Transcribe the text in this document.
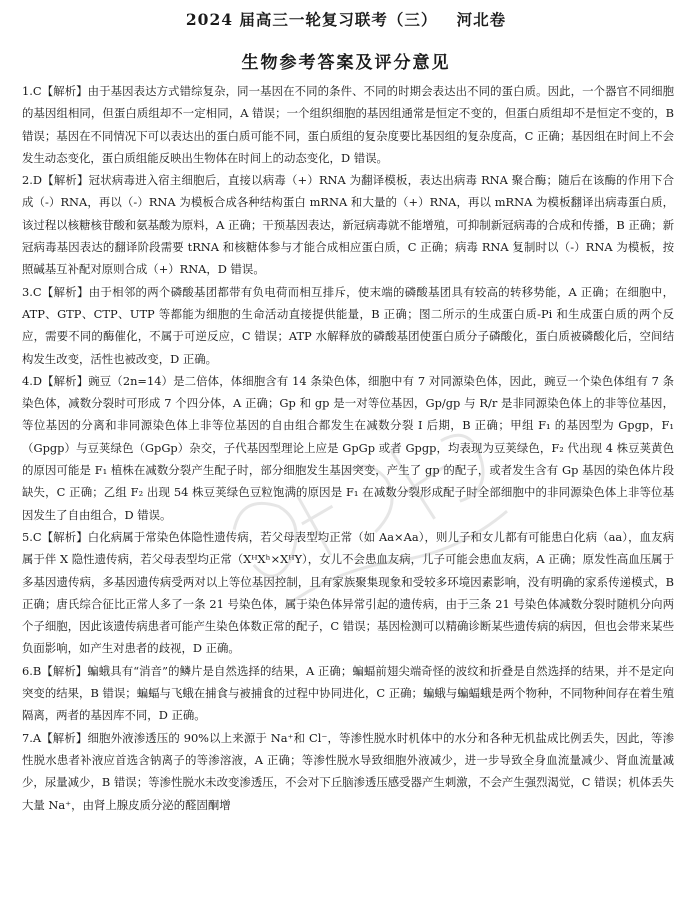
2024 届高三一轮复习联考（三）   河北卷
生物参考答案及评分意见

1.C【解析】由于基因表达方式错综复杂，同一基因在不同的条件、不同的时期会表达出不同的蛋白质。因此，一个器官不同细胞的基因组相同，但蛋白质组却不一定相同，A 错误；一个组织细胞的基因组通常是恒定不变的，但蛋白质组却不是恒定不变的，B 错误；基因在不同情况下可以表达出的蛋白质可能不同，蛋白质组的复杂度要比基因组的复杂度高，C 正确；基因组在时间上不会发生动态变化，蛋白质组能反映出生物体在时间上的动态变化，D 错误。

2.D【解析】冠状病毒进入宿主细胞后，直接以病毒（+）RNA 为翻译模板，表达出病毒 RNA 聚合酶；随后在该酶的作用下合成（-）RNA，再以（-）RNA 为模板合成各种结构蛋白 mRNA 和大量的（+）RNA，再以 mRNA 为模板翻译出病毒蛋白质，该过程以核糖核苷酸和氨基酸为原料，A 正确；干预基因表达，新冠病毒就不能增殖，可抑制新冠病毒的合成和传播，B 正确；新冠病毒基因表达的翻译阶段需要 tRNA 和核糖体参与才能合成相应蛋白质，C 正确；病毒 RNA 复制时以（-）RNA 为模板，按照碱基互补配对原则合成（+）RNA，D 错误。

3.C【解析】由于相邻的两个磷酸基团都带有负电荷而相互排斥，使末端的磷酸基团具有较高的转移势能，A 正确；在细胞中，ATP、GTP、CTP、UTP 等都能为细胞的生命活动直接提供能量，B 正确；图二所示的生成蛋白质-Pi 和生成蛋白质的两个反应，需要不同的酶催化，不属于可逆反应，C 错误；ATP 水解释放的磷酸基团使蛋白质分子磷酸化，蛋白质被磷酸化后，空间结构发生改变，活性也被改变，D 正确。

4.D【解析】豌豆（2n=14）是二倍体，体细胞含有 14 条染色体，细胞中有 7 对同源染色体，因此，豌豆一个染色体组有 7 条染色体，减数分裂时可形成 7 个四分体，A 正确；Gp 和 gp 是一对等位基因，Gp/gp 与 R/r 是非同源染色体上的非等位基因，等位基因的分离和非同源染色体上非等位基因的自由组合都发生在减数分裂 I 后期，B 正确；甲组 F₁ 的基因型为 Gpgp，F₁（Gpgp）与豆荚绿色（GpGp）杂交，子代基因型理论上应是 GpGp 或者 Gpgp，均表现为豆荚绿色，F₂ 代出现 4 株豆荚黄色的原因可能是 F₁ 植株在减数分裂产生配子时，部分细胞发生基因突变，产生了 gp 的配子，或者发生含有 Gp 基因的染色体片段缺失，C 正确；乙组 F₂ 出现 54 株豆荚绿色豆粒饱满的原因是 F₁ 在减数分裂形成配子时全部细胞中的非同源染色体上非等位基因发生了自由组合，D 错误。

5.C【解析】白化病属于常染色体隐性遗传病，若父母表型均正常（如 Aa×Aa），则儿子和女儿都有可能患白化病（aa），血友病属于伴 X 隐性遗传病，若父母表型均正常（XᴴXʰ×XᴴY），女儿不会患血友病，儿子可能会患血友病，A 正确；原发性高血压属于多基因遗传病，多基因遗传病受两对以上等位基因控制，且有家族聚集现象和受较多环境因素影响，没有明确的家系传递模式，B 正确；唐氏综合征比正常人多了一条 21 号染色体，属于染色体异常引起的遗传病，由于三条 21 号染色体减数分裂时随机分向两个子细胞，因此该遗传病患者可能产生染色体数正常的配子，C 错误；基因检测可以精确诊断某些遗传病的病因，但也会带来某些负面影响，如产生对患者的歧视，D 正确。

6.B【解析】蝙蛾具有“消音”的鳞片是自然选择的结果，A 正确；蝙蝠前翅尖端奇怪的波纹和折叠是自然选择的结果，并不是定向突变的结果，B 错误；蝙蝠与飞蛾在捕食与被捕食的过程中协同进化，C 正确；蝙蛾与蝙蝠蛾是两个物种，不同物种间存在着生殖隔离，两者的基因库不同，D 正确。

7.A【解析】细胞外液渗透压的 90%以上来源于 Na⁺和 Cl⁻，等渗性脱水时机体中的水分和各种无机盐成比例丢失，因此，等渗性脱水患者补液应首选含钠离子的等渗溶液，A 正确；等渗性脱水导致细胞外液减少，进一步导致全身血流量减少、肾血流量减少，尿量减少，B 错误；等渗性脱水未改变渗透压，不会对下丘脑渗透压感受器产生刺激，不会产生强烈渴觉，C 错误；机体丢失大量 Na⁺，由肾上腺皮质分泌的醛固酮增
